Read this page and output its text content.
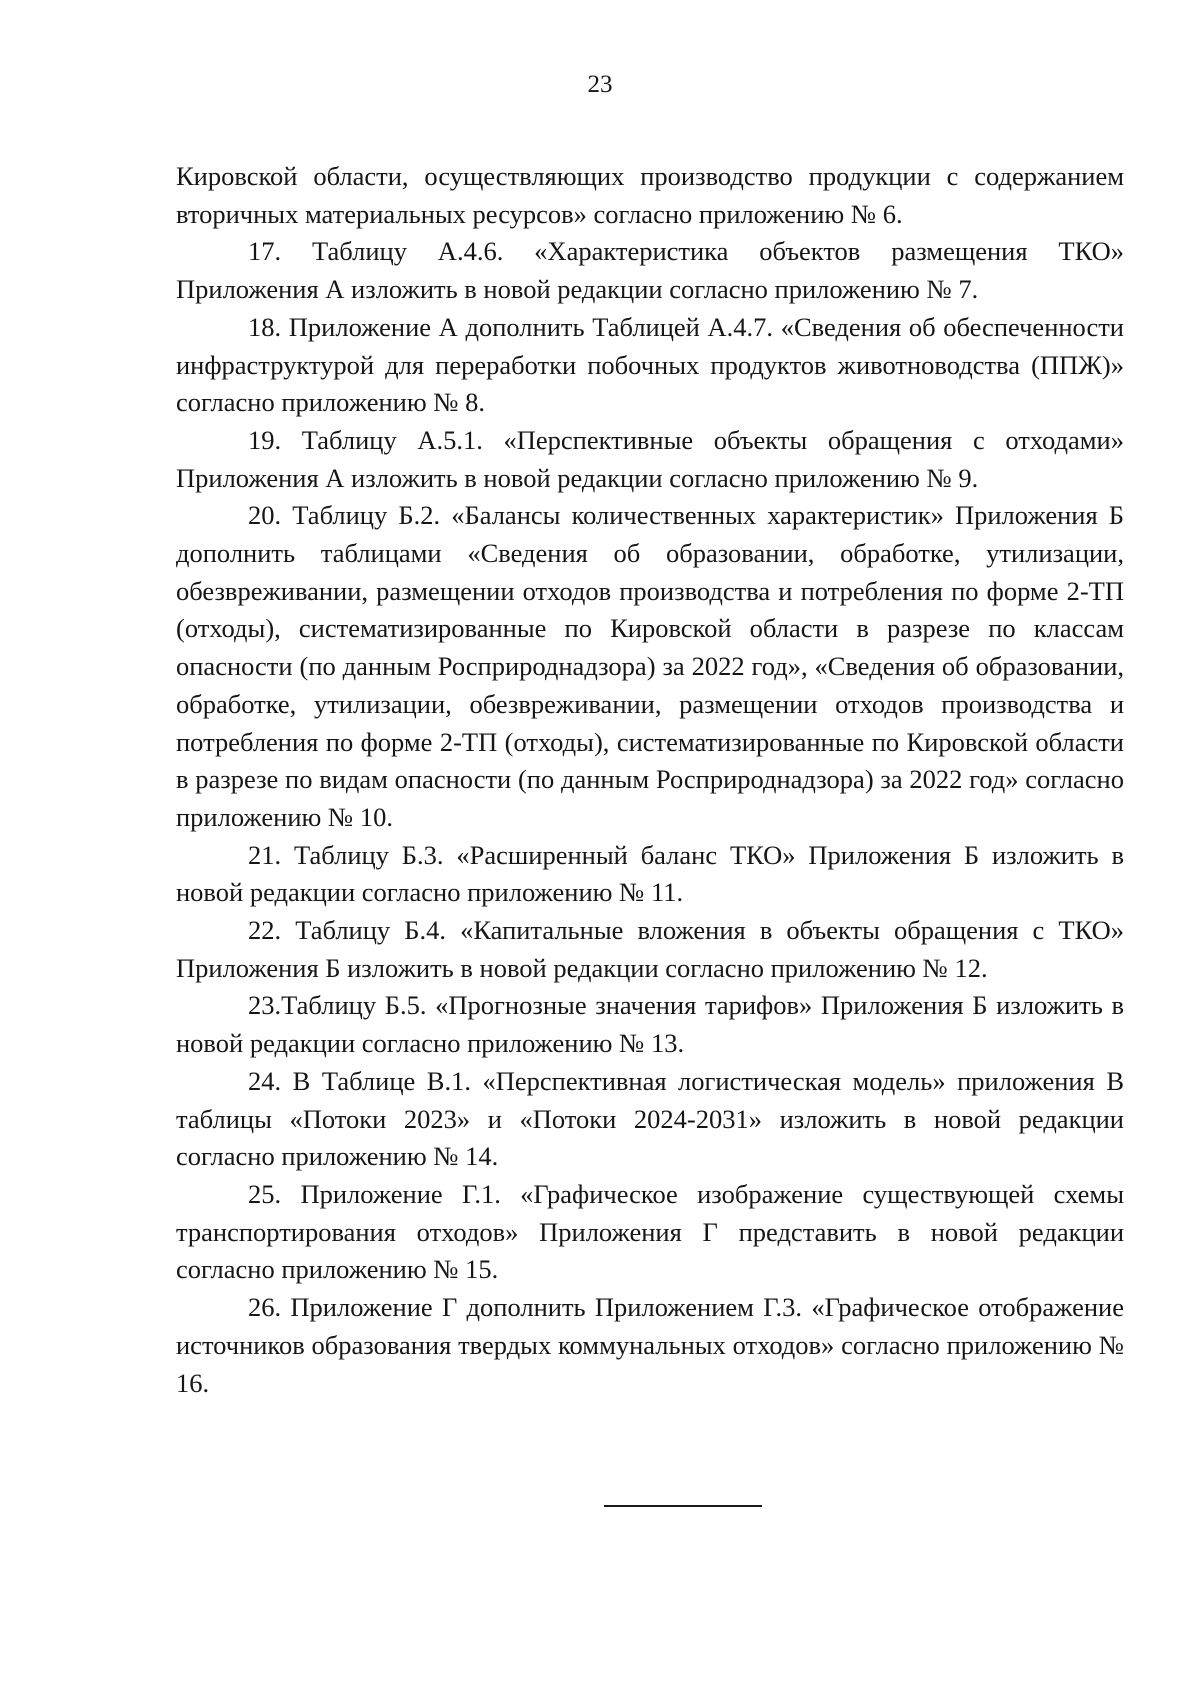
23

Кировской области, осуществляющих производство продукции с содержанием вторичных материальных ресурсов» согласно приложению № 6.

17. Таблицу А.4.6. «Характеристика объектов размещения ТКО» Приложения А изложить в новой редакции согласно приложению № 7.

18. Приложение А дополнить Таблицей А.4.7. «Сведения об обеспеченности инфраструктурой для переработки побочных продуктов животноводства (ППЖ)» согласно приложению № 8.

19. Таблицу А.5.1. «Перспективные объекты обращения с отходами» Приложения А изложить в новой редакции согласно приложению № 9.

20. Таблицу Б.2. «Балансы количественных характеристик» Приложения Б дополнить таблицами «Сведения об образовании, обработке, утилизации, обезвреживании, размещении отходов производства и потребления по форме 2-ТП (отходы), систематизированные по Кировской области в разрезе по классам опасности (по данным Росприроднадзора) за 2022 год», «Сведения об образовании, обработке, утилизации, обезвреживании, размещении отходов производства и потребления по форме 2-ТП (отходы), систематизированные по Кировской области в разрезе по видам опасности (по данным Росприроднадзора) за 2022 год» согласно приложению № 10.

21. Таблицу Б.3. «Расширенный баланс ТКО» Приложения Б изложить в новой редакции согласно приложению № 11.

22. Таблицу Б.4. «Капитальные вложения в объекты обращения с ТКО» Приложения Б изложить в новой редакции согласно приложению № 12.

23.Таблицу Б.5. «Прогнозные значения тарифов» Приложения Б изложить в новой редакции согласно приложению № 13.

24. В Таблице В.1. «Перспективная логистическая модель» приложения В таблицы «Потоки 2023» и «Потоки 2024-2031» изложить в новой редакции согласно приложению № 14.

25. Приложение Г.1. «Графическое изображение существующей схемы транспортирования отходов» Приложения Г представить в новой редакции согласно приложению № 15.

26. Приложение Г дополнить Приложением Г.3. «Графическое отображение источников образования твердых коммунальных отходов» согласно приложению № 16.
